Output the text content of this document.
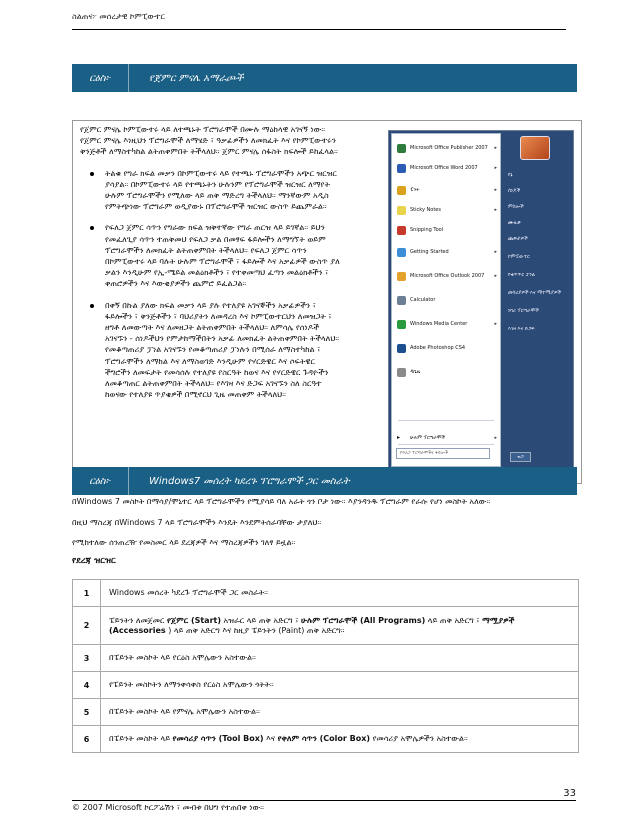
ስልጠና፦ መሰረታዊ ኮምፒውተር
ርዕስ፦	የጀምር ምናሌ አማራጮች

የጀምር ምናሌ ኮምፒውተሩ ላይ ለተጫኑት ፕሮግራሞች በሙሉ ማዕከላዊ አገናኝ ነው። የጀምር ምናሌ እነዚህን ፕሮግራሞች ለማሄድ ፣ ዓቃፊዎችን ለመክፈት እና የኮምፒውተሩን ቅንጅቶች ለማስተካከል ልትጠቀምበት ትችላለህ። ጀምር ምናሌ ሰፋስት ክፍሎች ይከፈላል።

ትልቁ የግራ ክፍል መቃን በኮምፒውተሩ ላይ የተጫኑ ፕሮግራሞችን አጭር ዝርዝር ያሳያል። በኮምፒውተሩ ላይ የተጫኑትን ሁሉንም የፕሮግራሞች ዝርዝር ለማየት ሁሉም ፕሮግራሞችን የሚለው ላይ ጠቅ ማድረግ ትችላለህ። ማንኛውም አዲስ የምትጭነው ፕሮግራም ወዲያውኑ በፕሮግራሞች ዝርዝር ውስጥ ይጨምራል።
የፍለጋ ጀምር ሳጥን የግራው ክፍል ዝቅተኛው የግራ ጠርዝ ላይ ይገኛል። ይህን የመፈለጊያ ሳጥን ተጠቅመህ የፍለጋ ቃል በመፃፍ ፋይሎችን ለማግኘት ወይም ፕሮግራሞችን ለመክፈት ልትጠቀምበት ትችላለህ። የፍለጋ ጀምር ሳጥን በኮምፒውተሩ ላይ ባሉት ሁሉም ፕሮግራሞች ፣ ፋይሎች እና አቃፊዎች ውስጥ ያለ ቃልን እንዲሁም የኢ-ሜይል መልዕክቶችን ፣ የተቀመጣህ ፈጣን መልዕክቶችን ፣ ቀጠሮዎችን እና እውቂያዎችን ጨምሮ ይፈልጋል።
በቀኝ በኩል ያለው ክፍል መቃን ላይ ያሉ የተለያዩ አገናኞችን አቃፊዎችን ፣ ፋይሎችን ፣ ቅንጅቶችን ፣ ባህሪያትን ለመዳረስ እና ኮምፒውተርህን ለመዝጋት ፣ ዘግቶ ለመውጣት እና ለመዘጋት ልትጠቀምበት ትችላለህ። ለምሳሌ የሰነዶች አገናኙን - ሰነዶችህን የምታከማችበትን አቃፊ ለመክፈት ልትጠቀምበት ትችላለህ። የመቆጣጠሪያ ፓነል አገናኙን የመቆጣጠሪያ ፓነሉን በሚሰራ ለማስተካከል ፣ ፕሮግራሞችን ለማከል እና ለማስወገድ እንዲሁም የሃርድዌር እና ሶፍትዌር ችግሮችን ለመፍታት የመሳሰሉ የተለያዩ የስርዓት ከወና እና የሃርድዌር ጉዳዮችን ለመቆጣጠር ልትጠቀምበት ትችላለህ። የእገዛ እና ድጋፍ አገናኙን ስለ ስርዓተ ከወናው የተለያዩ ጥያቄዎች በሚኖርህ ጊዜ መጠቀም ትችላለህ።
የፍለጋ ፕሮግራሞችና ፋይሎች
Microsoft Office Publisher 2007 ▸
Microsoft Office Word 2007	▸
ፔንት	▸
Sticky Notes	▸
Snipping Tool
Getting Started	▸
Microsoft Office Outlook 2007 ▸
Calculator
Windows Media Center	▸
Adobe Photoshop CS4
ዳቤዜ
▸	ሁሉም ፕሮግራሞች	▸
የኔ
ሰነዶች
ምስሎች
ሙዚቃ
ጨዋታዎች
ኮምፒውተር
የቁጥጥር ፓነል
መሳሪያዎች እና ማተሚያዎች
ነባሪ ፕሮግራሞች
እገዛ እና ድጋፍ
ዝጋ
ርዕስ፦	Windows7 መሰረት ካደረጉ ፕሮግራሞች ጋር መስራት
በWindows 7 መስኮት በማሳያ/ሞኒተር ላይ ፕሮግራሞችን የሚያሳይ ባለ አራት ጎን ቦታ ነው። እያንዳንዱ ፕሮግራም የራሱ የሆነ መስኮት አለው።
በዚህ ማስረጃ በWindows 7 ላይ ፕሮግራሞችን እንዴት እንደምትሰራባቸው ታያለህ።
የሚከተለው ሰንጠረዥ የመስመር ላይ ደረጃዎች እና ማስረጃዎችን ገለፃ ይዟል።
የደረጃ ዝርዝር
1	Windows መሰረት ካደረጉ ፕሮግራሞች ጋር መስራት።
2	ፔይንትን ለመጀመር የጀምር (Start) አዝራር ላይ ጠቅ አድርግ ፣ ሁሉም ፕሮግራሞች (All Programs) ላይ ጠቅ አድርግ ፣ ማሟያዎች (Accessories ) ላይ ጠቅ አድርግ እና ከዚያ ፔይንትን (Paint) ጠቅ አድርግ።
3	በፔይንት መስኮት ላይ የርዕስ አሞሌውን አስተውል።
4	የፔይንት መስኮትን ለማንቀሳቀስ የርዕስ አሞሌውን ጎትት።
5	በፔይንት መስኮት ላይ የምናሌ አሞሌውን አስተውል።
6	በፔይንት መስኮት ላይ የመሳሪያ ሳጥን (Tool Box) እና የቀለም ሳጥን (Color Box) የመሳሪያ አሞሌዎችን አስተውል።
33
© 2007 Microsoft ኮርፖሬሽን ፣ መብቱ በህግ የተጠበቀ ነው።
